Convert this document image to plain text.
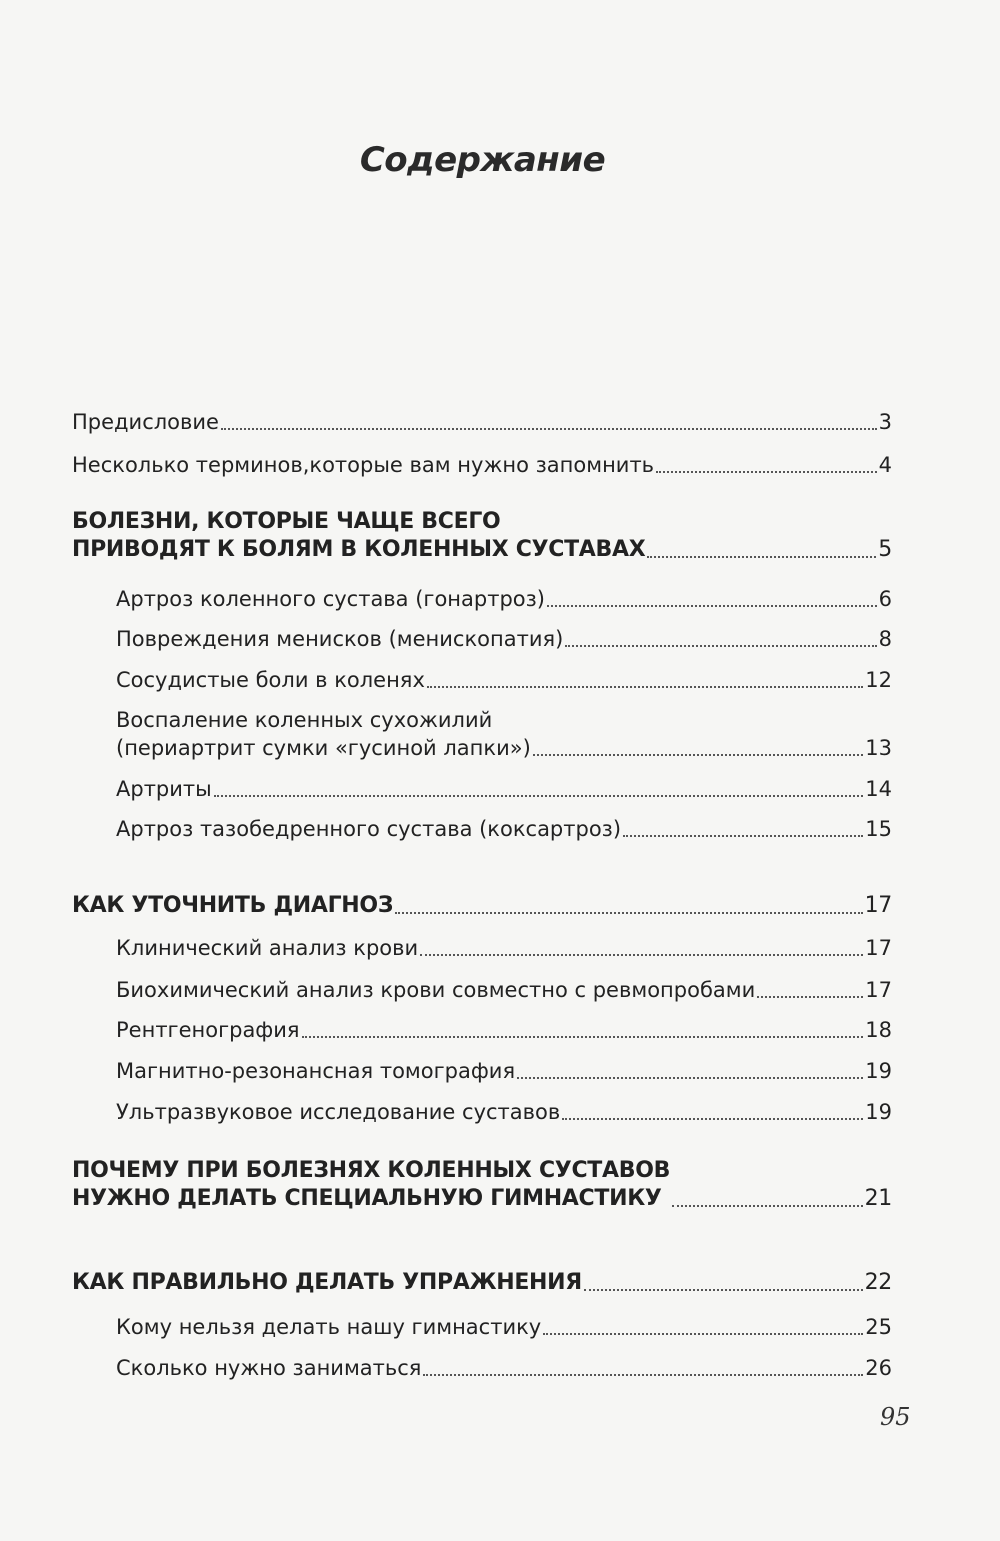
Содержание
Предисловие	3
Несколько терминов,которые вам нужно запомнить	4
БОЛЕЗНИ, КОТОРЫЕ ЧАЩЕ ВСЕГО
ПРИВОДЯТ К БОЛЯМ В КОЛЕННЫХ СУСТАВАХ	5
Артроз коленного сустава (гонартроз)	6
Повреждения менисков (менископатия)	8
Сосудистые боли в коленях	12
Воспаление коленных сухожилий
(периартрит сумки «гусиной лапки»)	13
Артриты	14
Артроз тазобедренного сустава (коксартроз)	15
КАК УТОЧНИТЬ ДИАГНОЗ	17
Клинический анализ крови	17
Биохимический анализ крови совместно с ревмопробами	17
Рентгенография	18
Магнитно-резонансная томография	19
Ультразвуковое исследование суставов	19
ПОЧЕМУ ПРИ БОЛЕЗНЯХ КОЛЕННЫХ СУСТАВОВ
НУЖНО ДЕЛАТЬ СПЕЦИАЛЬНУЮ ГИМНАСТИКУ	21
КАК ПРАВИЛЬНО ДЕЛАТЬ УПРАЖНЕНИЯ	22
Кому нельзя делать нашу гимнастику	25
Сколько нужно заниматься	26
95
